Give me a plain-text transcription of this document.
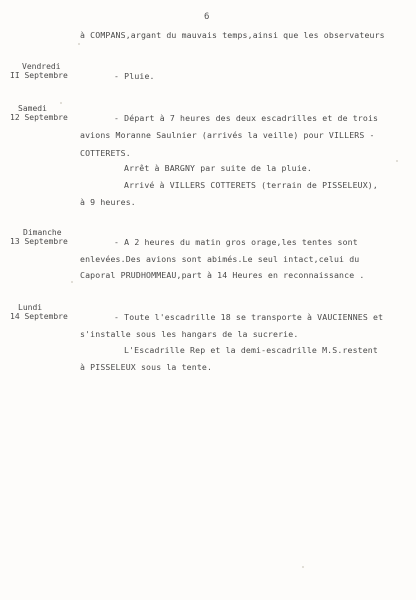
6
à COMPANS,argant du mauvais temps,ainsi que les observateurs
Vendredi
II Septembre	- Pluie.
Samedi
12 Septembre	- Départ à 7 heures des deux escadrilles et de trois
avions Moranne Saulnier (arrivés la veille) pour VILLERS -
COTTERETS.
Arrêt à BARGNY par suite de la pluie.
Arrivé à VILLERS COTTERETS (terrain de PISSELEUX),
à 9 heures.
Dimanche
13 Septembre	- A 2 heures du matin gros orage,les tentes sont
enlevées.Des avions sont abimés.Le seul intact,celui du
Caporal PRUDHOMMEAU,part à 14 Heures en reconnaissance .
Lundi
14 Septembre	- Toute l'escadrille 18 se transporte à VAUCIENNES et
s'installe sous les hangars de la sucrerie.
L'Escadrille Rep et la demi-escadrille M.S.restent
à PISSELEUX sous la tente.
